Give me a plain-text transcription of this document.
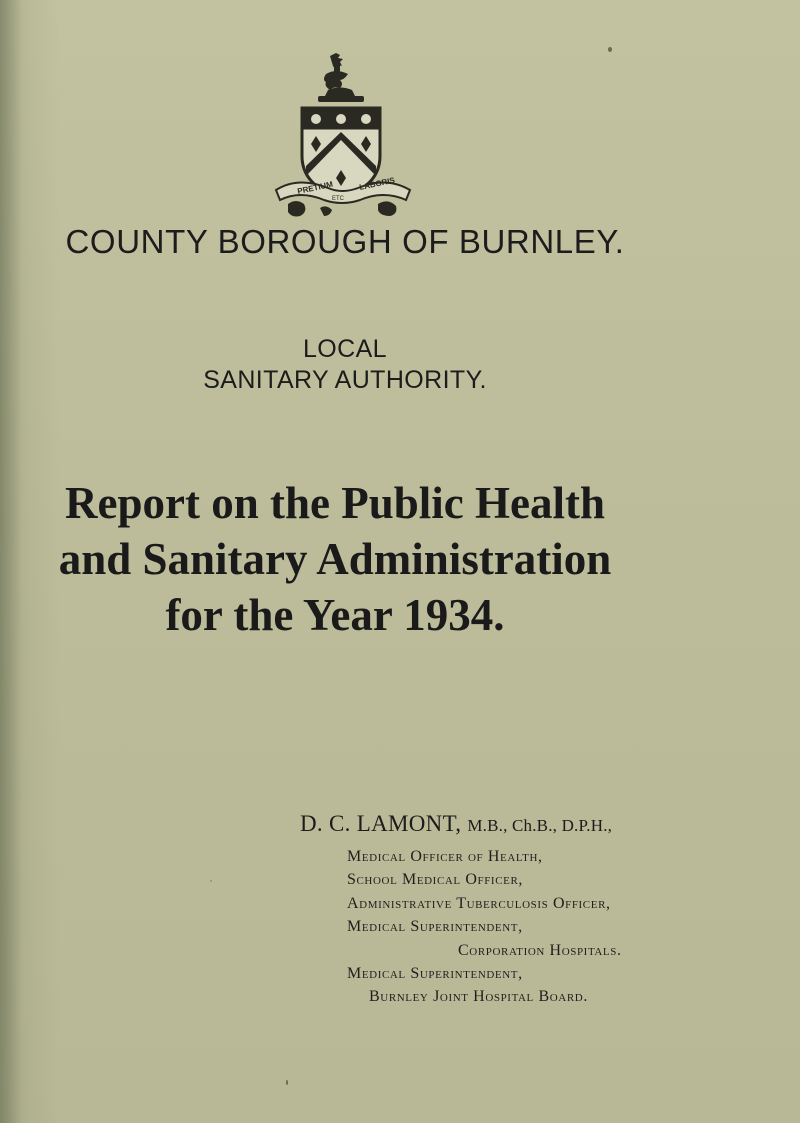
PRETIUM
ETC
LABORIS
COUNTY BOROUGH OF BURNLEY.
LOCAL
SANITARY AUTHORITY.
Report on the Public Health
and Sanitary Administration
for the Year 1934.
D. C. LAMONT, M.B., Ch.B., D.P.H.,
Medical Officer of Health,
School Medical Officer,
Administrative Tuberculosis Officer,
Medical Superintendent,
Corporation Hospitals.
Medical Superintendent,
Burnley Joint Hospital Board.
